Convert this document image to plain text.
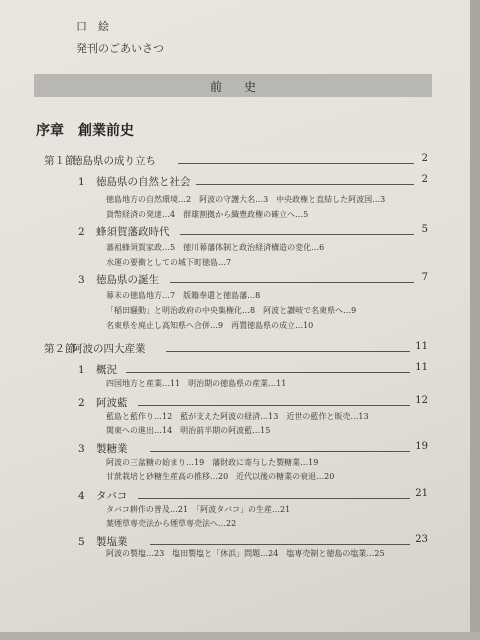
口　絵
発刊のごあいさつ
前史
序章　創業前史
第１節徳島県の成り立ち	2
1 徳島県の自然と社会	2
徳島地方の自然環境…2　阿波の守護大名…3　中央政権と直結した阿波国…3
貨幣経済の発達…4　群雄割拠から織豊政権の確立へ…5
2 蜂須賀藩政時代	5
蕃祖蜂須賀家政…5　徳川幕藩体制と政治経済構造の変化…6
水運の要衝としての城下町徳島…7
3 徳島県の誕生	7
幕末の徳島地方…7　版籍奉還と徳島藩…8
「稲田騒動」と明治政府の中央集権化…8　阿波と讃岐で名東県へ…9
名東県を廃止し高知県へ合併…9　再置徳島県の成立…10
第２節阿波の四大産業	11
1 概況	11
四国地方と産業…11　明治期の徳島県の産業…11
2 阿波藍	12
藍島と藍作り…12　藍が支えた阿波の経済…13　近世の藍作と販売…13
関東への進出…14　明治前半期の阿波藍…15
3 製糖業	19
阿波の三盆糖の始まり…19　藩財政に寄与した製糖業…19
甘蔗栽培と砂糖生産高の推移…20　近代以後の糖業の衰退…20
4 タバコ	21
タバコ耕作の普及…21　「阿波タバコ」の生産…21
葉煙草専売法から煙草専売法へ…22
5 製塩業	23
阿波の製塩…23　塩田製塩と「休浜」問題…24　塩専売制と徳島の塩業…25
